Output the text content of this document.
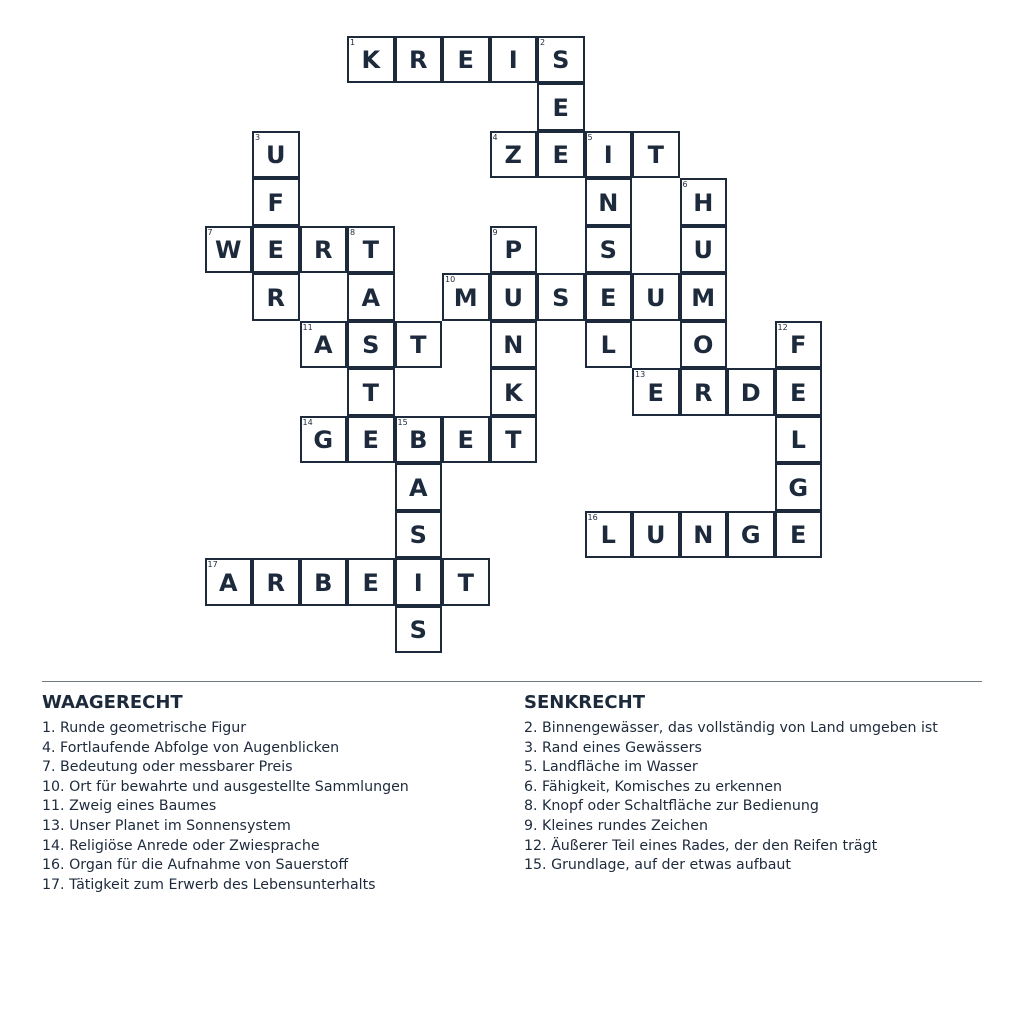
1
K	R	E	I
2
S
E
3
U
4
Z	E
5
I	T
F	N
6
H
7
W	E	R
8
T
9
P	S	U
R	A
10
M	U	S	E	U	M
11
A	S	T	N	L	O
12
F
T	K
13
E	R	D	E
14
G	E
15
B	E	T	L
A	G
S
16
L	U	N	G	E
17
A	R	B	E	I	T
S
WAAGERECHT
1. Runde geometrische Figur
4. Fortlaufende Abfolge von Augenblicken
7. Bedeutung oder messbarer Preis
10. Ort für bewahrte und ausgestellte Sammlungen
11. Zweig eines Baumes
13. Unser Planet im Sonnensystem
14. Religiöse Anrede oder Zwiesprache
16. Organ für die Aufnahme von Sauerstoff
17. Tätigkeit zum Erwerb des Lebensunterhalts
SENKRECHT
2. Binnengewässer, das vollständig von Land umgeben ist
3. Rand eines Gewässers
5. Landfläche im Wasser
6. Fähigkeit, Komisches zu erkennen
8. Knopf oder Schaltfläche zur Bedienung
9. Kleines rundes Zeichen
12. Äußerer Teil eines Rades, der den Reifen trägt
15. Grundlage, auf der etwas aufbaut
